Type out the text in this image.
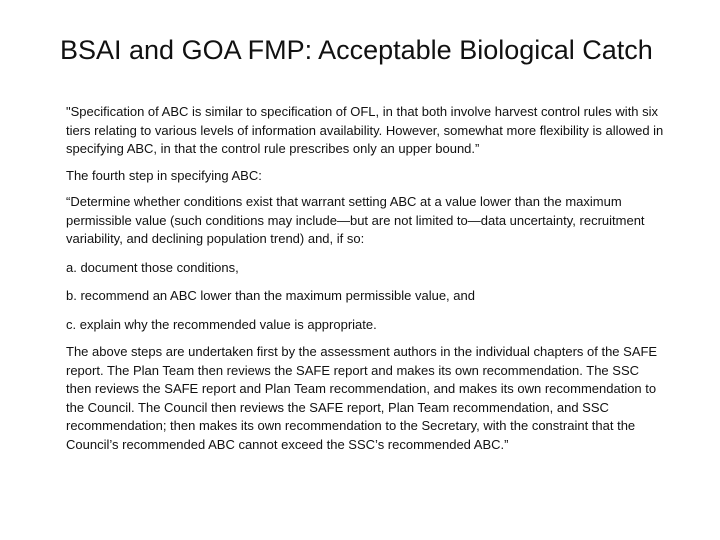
BSAI and GOA FMP: Acceptable Biological Catch

"Specification of ABC is similar to specification of OFL, in that both involve harvest control rules with six tiers relating to various levels of information availability. However, somewhat more flexibility is allowed in specifying ABC, in that the control rule prescribes only an upper bound.”

The fourth step in specifying ABC:

“Determine whether conditions exist that warrant setting ABC at a value lower than the maximum permissible value (such conditions may include—but are not limited to—data uncertainty, recruitment variability, and declining population trend) and, if so:

a. document those conditions,

b. recommend an ABC lower than the maximum permissible value, and

c. explain why the recommended value is appropriate.

The above steps are undertaken first by the assessment authors in the individual chapters of the SAFE report. The Plan Team then reviews the SAFE report and makes its own recommendation. The SSC then reviews the SAFE report and Plan Team recommendation, and makes its own recommendation to the Council. The Council then reviews the SAFE report, Plan Team recommendation, and SSC recommendation; then makes its own recommendation to the Secretary, with the constraint that the Council’s recommended ABC cannot exceed the SSC’s recommended ABC.”
